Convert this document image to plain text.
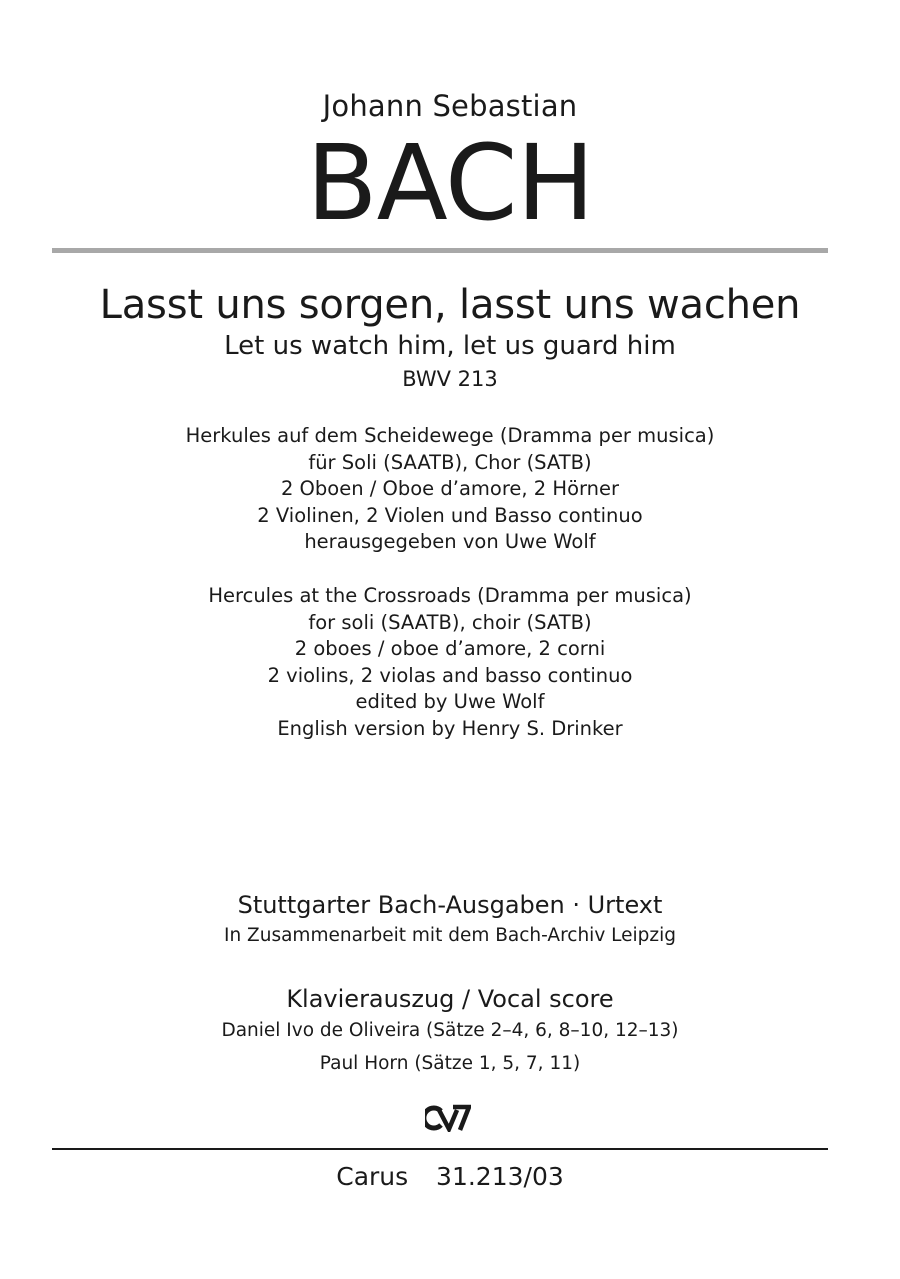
Johann Sebastian
BACH
Lasst uns sorgen, lasst uns wachen
Let us watch him, let us guard him
BWV 213
Herkules auf dem Scheidewege (Dramma per musica)
für Soli (SAATB), Chor (SATB)
2 Oboen / Oboe d’amore, 2 Hörner
2 Violinen, 2 Violen und Basso continuo
herausgegeben von Uwe Wolf
Hercules at the Crossroads (Dramma per musica)
for soli (SAATB), choir (SATB)
2 oboes / oboe d’amore, 2 corni
2 violins, 2 violas and basso continuo
edited by Uwe Wolf
English version by Henry S. Drinker
Stuttgarter Bach-Ausgaben · Urtext
In Zusammenarbeit mit dem Bach-Archiv Leipzig
Klavierauszug / Vocal score
Daniel Ivo de Oliveira (Sätze 2–4, 6, 8–10, 12–13)
Paul Horn (Sätze 1, 5, 7, 11)
Carus  31.213/03
